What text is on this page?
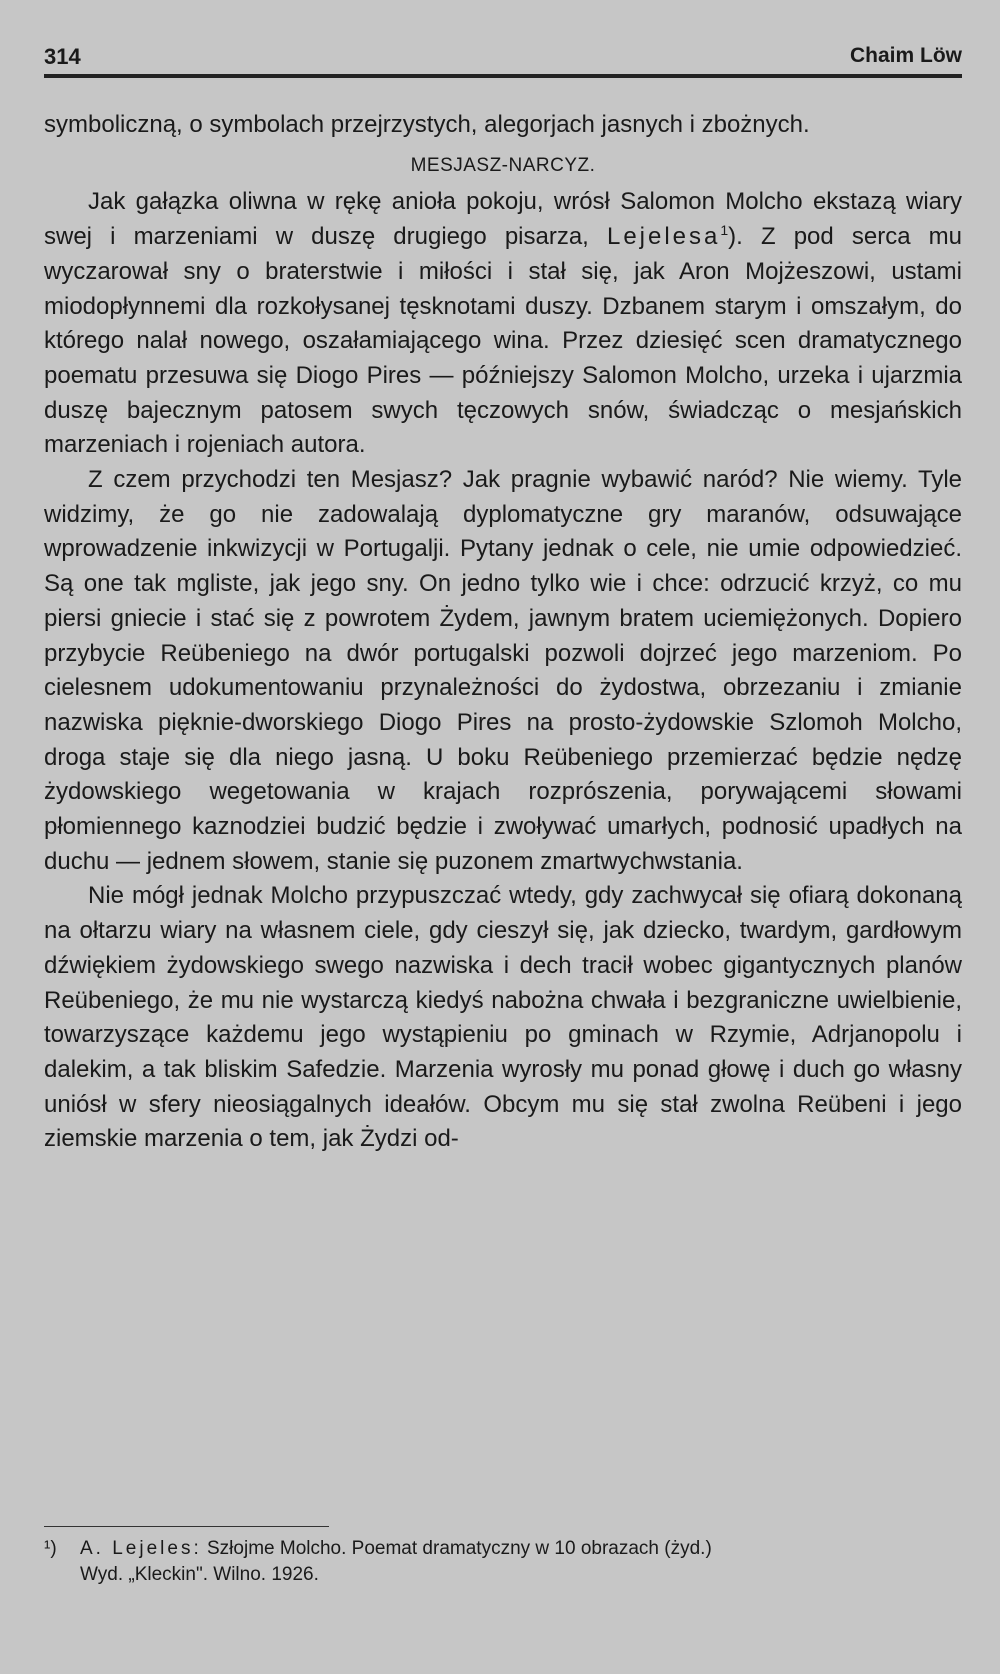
314	Chaim Löw

symboliczną, o symbolach przejrzystych, alegorjach jasnych i zbożnych.

MESJASZ-NARCYZ.

Jak gałązka oliwna w rękę anioła pokoju, wrósł Salomon Molcho ekstazą wiary swej i marzeniami w duszę drugiego pisarza, Lejelesa$^1$). Z pod serca mu wyczarował sny o braterstwie i miłości i stał się, jak Aron Mojżeszowi, ustami miodopłynnemi dla rozkołysanej tęsknotami duszy. Dzbanem starym i omszałym, do którego nalał nowego, oszałamiającego wina. Przez dziesięć scen dramatycznego poematu przesuwa się Diogo Pires — późniejszy Salomon Molcho, urzeka i ujarzmia duszę bajecznym patosem swych tęczowych snów, świadcząc o mesjańskich marzeniach i rojeniach autora.

Z czem przychodzi ten Mesjasz? Jak pragnie wybawić naród? Nie wiemy. Tyle widzimy, że go nie zadowalają dyplomatyczne gry maranów, odsuwające wprowadzenie inkwizycji w Portugalji. Pytany jednak o cele, nie umie odpowiedzieć. Są one tak mgliste, jak jego sny. On jedno tylko wie i chce: odrzucić krzyż, co mu piersi gniecie i stać się z powrotem Żydem, jawnym bratem uciemiężonych. Dopiero przybycie Reübeniego na dwór portugalski pozwoli dojrzeć jego marzeniom. Po cielesnem udokumentowaniu przynależności do żydostwa, obrzezaniu i zmianie nazwiska pięknie-dworskiego Diogo Pires na prosto-żydowskie Szlomoh Molcho, droga staje się dla niego jasną. U boku Reübeniego przemierzać będzie nędzę żydowskiego wegetowania w krajach rozprószenia, porywającemi słowami płomiennego kaznodziei budzić będzie i zwoływać umarłych, podnosić upadłych na duchu — jednem słowem, stanie się puzonem zmartwychwstania.

Nie mógł jednak Molcho przypuszczać wtedy, gdy zachwycał się ofiarą dokonaną na ołtarzu wiary na własnem ciele, gdy cieszył się, jak dziecko, twardym, gardłowym dźwiękiem żydowskiego swego nazwiska i dech tracił wobec gigantycznych planów Reübeniego, że mu nie wystarczą kiedyś nabożna chwała i bezgraniczne uwielbienie, towarzyszące każdemu jego wystąpieniu po gminach w Rzymie, Adrjanopolu i dalekim, a tak bliskim Safedzie. Marzenia wyrosły mu ponad głowę i duch go własny uniósł w sfery nieosiągalnych ideałów. Obcym mu się stał zwolna Reübeni i jego ziemskie marzenia o tem, jak Żydzi od-

¹) A. Lejeles: Szłojme Molcho. Poemat dramatyczny w 10 obrazach (żyd.)
Wyd. „Kleckin". Wilno. 1926.
